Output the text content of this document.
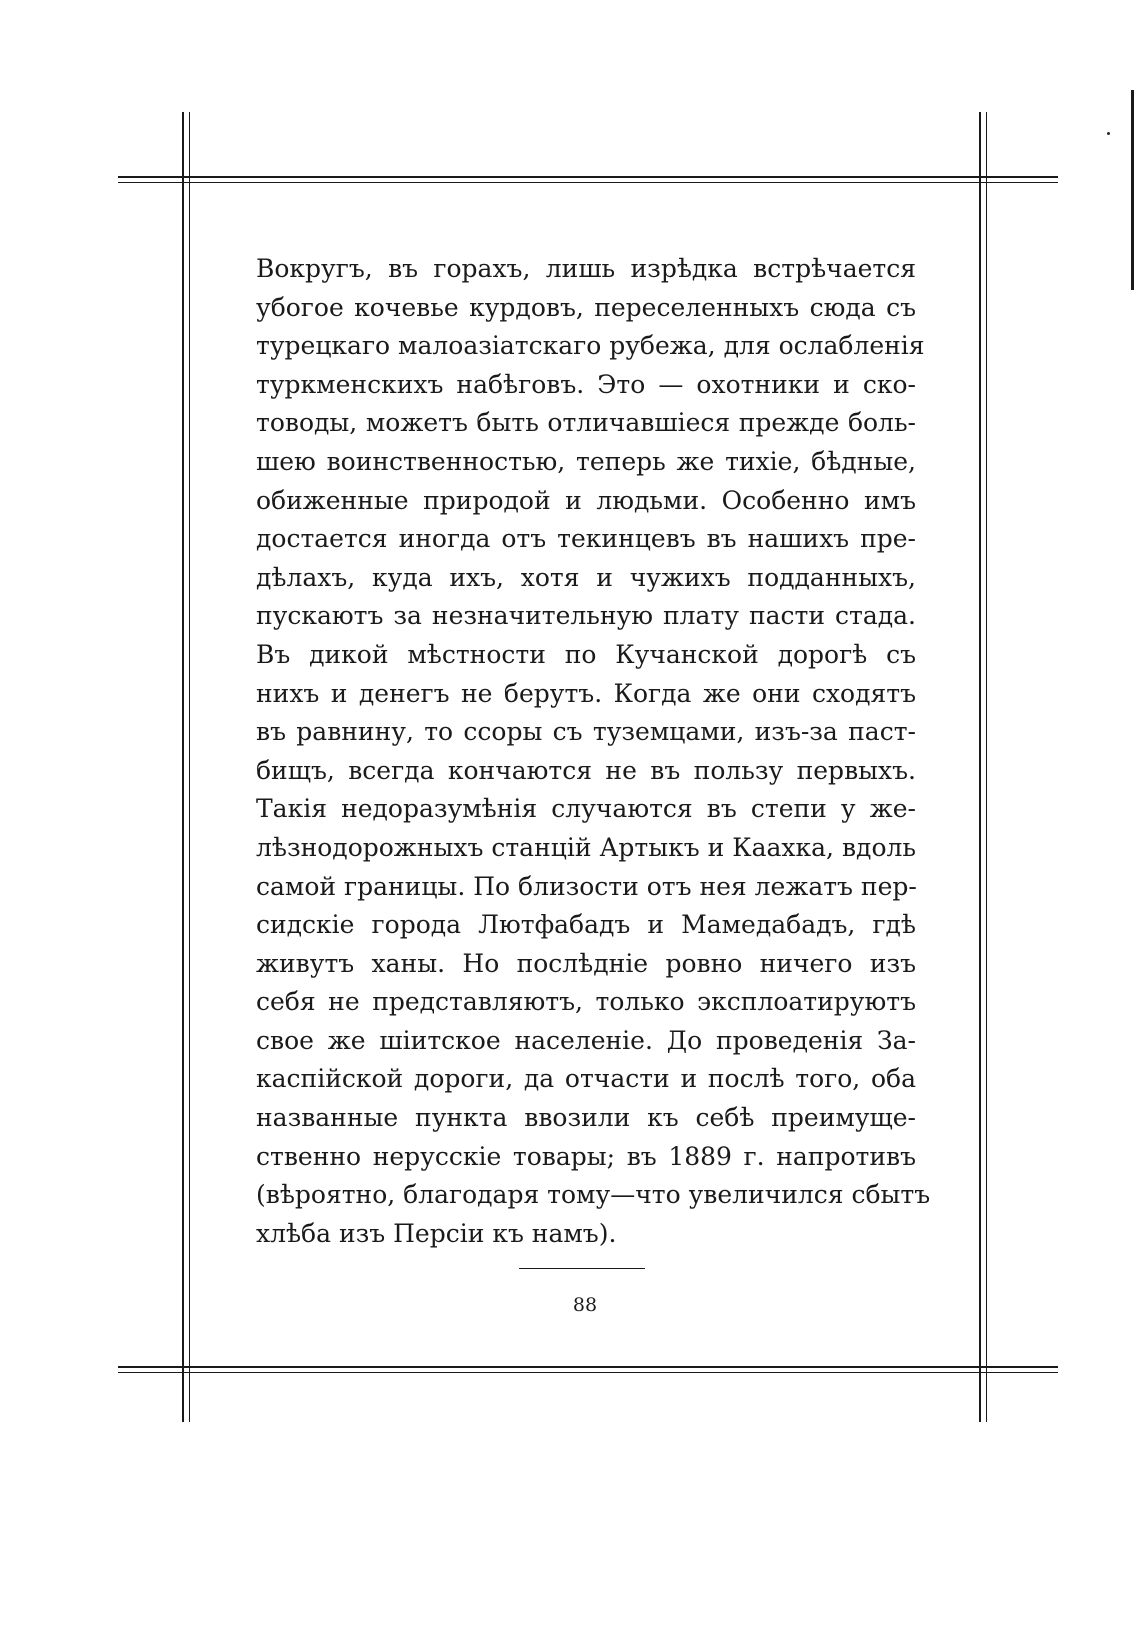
Вокругъ, въ горахъ, лишь изрѣдка встрѣчается
убогое кочевье курдовъ, переселенныхъ сюда съ
турецкаго малоазіатскаго рубежа, для ослабленія
туркменскихъ набѣговъ. Это — охотники и ско-
товоды, можетъ быть отличавшіеся прежде боль-
шею воинственностью, теперь же тихіе, бѣдные,
обиженные природой и людьми. Особенно имъ
достается иногда отъ текинцевъ въ нашихъ пре-
дѣлахъ, куда ихъ, хотя и чужихъ подданныхъ,
пускаютъ за незначительную плату пасти стада.
Въ дикой мѣстности по Кучанской дорогѣ съ
нихъ и денегъ не берутъ. Когда же они сходятъ
въ равнину, то ссоры съ туземцами, изъ-за паст-
бищъ, всегда кончаются не въ пользу первыхъ.
Такія недоразумѣнія случаются въ степи у же-
лѣзнодорожныхъ станцій Артыкъ и Каахка, вдоль
самой границы. По близости отъ нея лежатъ пер-
сидскіе города Лютфабадъ и Мамедабадъ, гдѣ
живутъ ханы. Но послѣдніе ровно ничего изъ
себя не представляютъ, только эксплоатируютъ
свое же шіитское населеніе. До проведенія За-
каспійской дороги, да отчасти и послѣ того, оба
названные пункта ввозили къ себѣ преимуще-
ственно нерусскіе товары; въ 1889 г. напротивъ
(вѣроятно, благодаря тому—что увеличился сбытъ
хлѣба изъ Персіи къ намъ).
88
